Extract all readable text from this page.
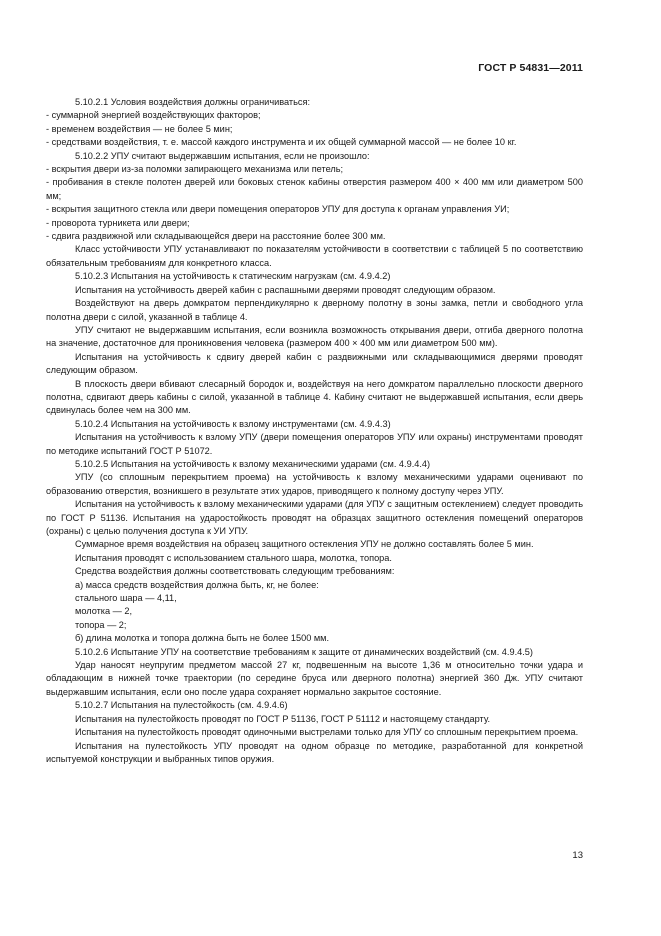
ГОСТ Р 54831—2011

5.10.2.1 Условия воздействия должны ограничиваться:

- суммарной энергией воздействующих факторов;

- временем воздействия — не более 5 мин;

- средствами воздействия, т. е. массой каждого инструмента и их общей суммарной массой — не более 10 кг.

5.10.2.2 УПУ считают выдержавшим испытания, если не произошло:

- вскрытия двери из-за поломки запирающего механизма или петель;

- пробивания в стекле полотен дверей или боковых стенок кабины отверстия размером 400 × 400 мм или диаметром 500 мм;

- вскрытия защитного стекла или двери помещения операторов УПУ для доступа к органам управления УИ;

- проворота турникета или двери;

- сдвига раздвижной или складывающейся двери на расстояние более 300 мм.

Класс устойчивости УПУ устанавливают по показателям устойчивости в соответствии с таблицей 5 по соответствию обязательным требованиям для конкретного класса.

5.10.2.3 Испытания на устойчивость к статическим нагрузкам (см. 4.9.4.2)

Испытания на устойчивость дверей кабин с распашными дверями проводят следующим образом.

Воздействуют на дверь домкратом перпендикулярно к дверному полотну в зоны замка, петли и свободного угла полотна двери с силой, указанной в таблице 4.

УПУ считают не выдержавшим испытания, если возникла возможность открывания двери, отгиба дверного полотна на значение, достаточное для проникновения человека (размером 400 × 400 мм или диаметром 500 мм).

Испытания на устойчивость к сдвигу дверей кабин с раздвижными или складывающимися дверями проводят следующим образом.

В плоскость двери вбивают слесарный бородок и, воздействуя на него домкратом параллельно плоскости дверного полотна, сдвигают дверь кабины с силой, указанной в таблице 4. Кабину считают не выдержавшей испытания, если дверь сдвинулась более чем на 300 мм.

5.10.2.4 Испытания на устойчивость к взлому инструментами (см. 4.9.4.3)

Испытания на устойчивость к взлому УПУ (двери помещения операторов УПУ или охраны) инструментами проводят по методике испытаний ГОСТ Р 51072.

5.10.2.5 Испытания на устойчивость к взлому механическими ударами (см. 4.9.4.4)

УПУ (со сплошным перекрытием проема) на устойчивость к взлому механическими ударами оценивают по образованию отверстия, возникшего в результате этих ударов, приводящего к полному доступу через УПУ.

Испытания на устойчивость к взлому механическими ударами (для УПУ с защитным остеклением) следует проводить по ГОСТ Р 51136. Испытания на ударостойкость проводят на образцах защитного остекления помещений операторов (охраны) с целью получения доступа к УИ УПУ.

Суммарное время воздействия на образец защитного остекления УПУ не должно составлять более 5 мин.

Испытания проводят с использованием стального шара, молотка, топора.

Средства воздействия должны соответствовать следующим требованиям:

а) масса средств воздействия должна быть, кг, не более:

стального шара — 4,11,

молотка — 2,

топора — 2;

б) длина молотка и топора должна быть не более 1500 мм.

5.10.2.6 Испытание УПУ на соответствие требованиям к защите от динамических воздействий (см. 4.9.4.5)

Удар наносят неупругим предметом массой 27 кг, подвешенным на высоте 1,36 м относительно точки удара и обладающим в нижней точке траектории (по середине бруса или дверного полотна) энергией 360 Дж. УПУ считают выдержавшим испытания, если оно после удара сохраняет нормально закрытое состояние.

5.10.2.7 Испытания на пулестойкость (см. 4.9.4.6)

Испытания на пулестойкость проводят по ГОСТ Р 51136, ГОСТ Р 51112 и настоящему стандарту.

Испытания на пулестойкость проводят одиночными выстрелами только для УПУ со сплошным перекрытием проема.

Испытания на пулестойкость УПУ проводят на одном образце по методике, разработанной для конкретной испытуемой конструкции и выбранных типов оружия.

13
